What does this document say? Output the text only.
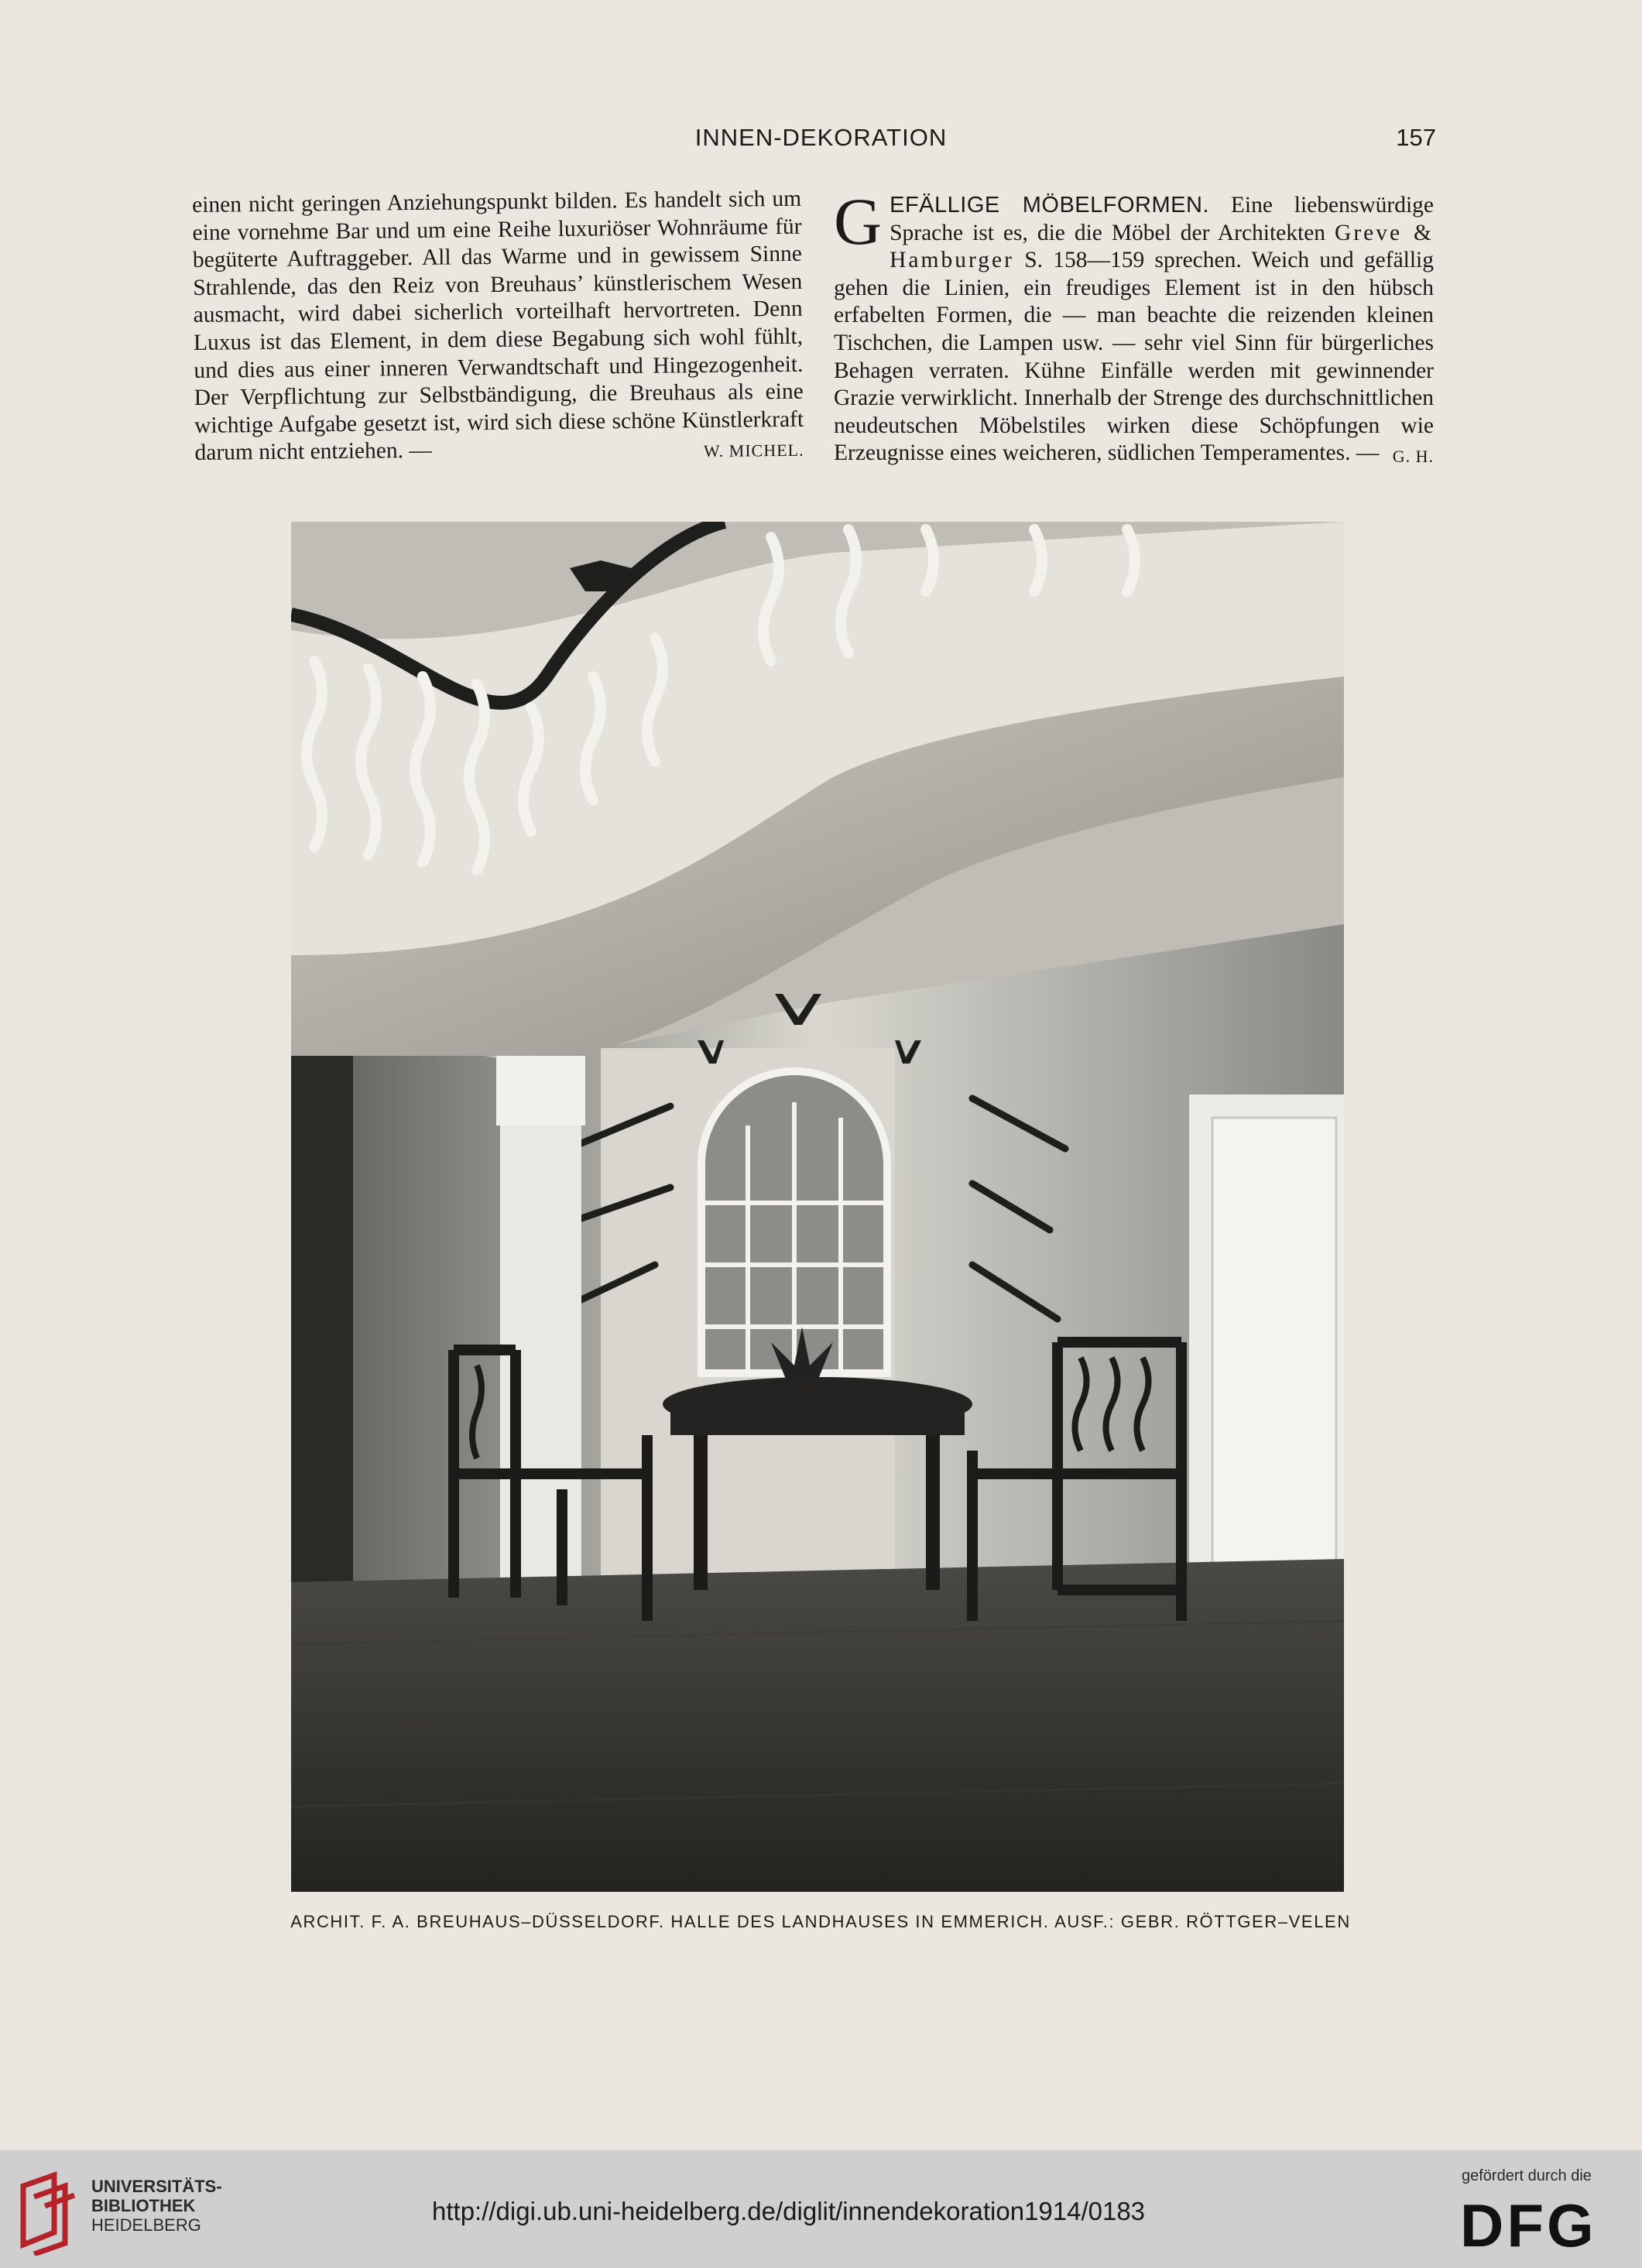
INNEN-DEKORATION	157

einen nicht geringen Anziehungspunkt bilden. Es handelt sich um eine vornehme Bar und um eine Reihe luxuriöser Wohnräume für begüterte Auftraggeber. All das Warme und in gewissem Sinne Strahlende, das den Reiz von Breuhaus’ künstlerischem Wesen ausmacht, wird dabei sicherlich vorteilhaft hervortreten. Denn Luxus ist das Element, in dem diese Begabung sich wohl fühlt, und dies aus einer inneren Verwandtschaft und Hingezogenheit. Der Verpflichtung zur Selbstbändigung, die Breuhaus als eine wichtige Aufgabe gesetzt ist, wird sich diese schöne Künstlerkraft darum nicht entziehen. —	W. MICHEL.

GEFÄLLIGE MÖBELFORMEN. Eine liebenswürdige Sprache ist es, die die Möbel der Architekten Greve & Hamburger S. 158—159 sprechen. Weich und gefällig gehen die Linien, ein freudiges Element ist in den hübsch erfabelten Formen, die — man beachte die reizenden kleinen Tischchen, die Lampen usw. — sehr viel Sinn für bürgerliches Behagen verraten. Kühne Einfälle werden mit gewinnender Grazie verwirklicht. Innerhalb der Strenge des durchschnittlichen neudeutschen Möbelstiles wirken diese Schöpfungen wie Erzeugnisse eines weicheren, südlichen Temperamentes. — G. H.

ARCHIT. F. A. BREUHAUS–DÜSSELDORF. HALLE DES LANDHAUSES IN EMMERICH. AUSF.: GEBR. RÖTTGER–VELEN
UNIVERSITÄTS-
BIBLIOTHEK
HEIDELBERG	http://digi.ub.uni-heidelberg.de/diglit/innendekoration1914/0183
gefördert durch die
DFG
